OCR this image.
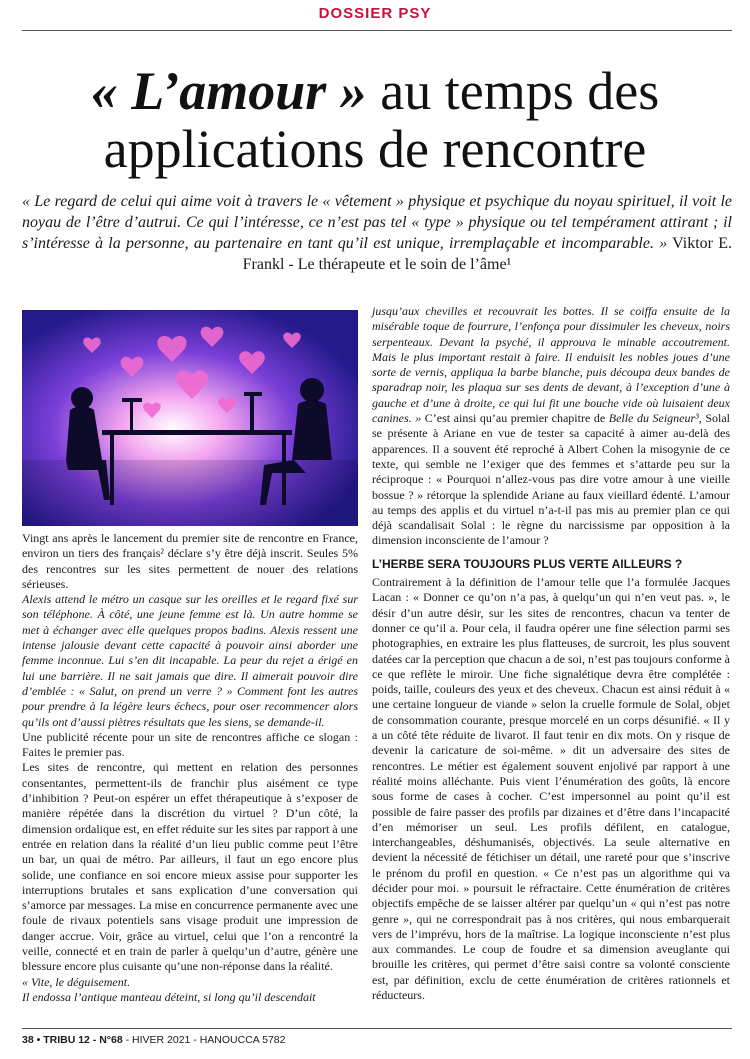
DOSSIER PSY
« L’amour » au temps des applications de rencontre
« Le regard de celui qui aime voit à travers le « vêtement » physique et psychique du noyau spirituel, il voit le noyau de l’être d’autrui. Ce qui l’intéresse, ce n’est pas tel « type » physique ou tel tempérament attirant ; il s’intéresse à la personne, au partenaire en tant qu’il est unique, irremplaçable et incomparable. » Viktor E. Frankl - Le thérapeute et le soin de l’âme¹

Vingt ans après le lancement du premier site de rencontre en France, environ un tiers des français² déclare s’y être déjà inscrit. Seules 5% des rencontres sur les sites permettent de nouer des relations sérieuses.

Alexis attend le métro un casque sur les oreilles et le regard fixé sur son téléphone. À côté, une jeune femme est là. Un autre homme se met à échanger avec elle quelques propos badins. Alexis ressent une intense jalousie devant cette capacité à pouvoir ainsi aborder une femme inconnue. Lui s’en dit incapable. La peur du rejet a érigé en lui une barrière. Il ne sait jamais que dire. Il aimerait pouvoir dire d’emblée : « Salut, on prend un verre ? » Comment font les autres pour prendre à la légère leurs échecs, pour oser recommencer alors qu’ils ont d’aussi piètres résultats que les siens, se demande-il.

Une publicité récente pour un site de rencontres affiche ce slogan : Faites le premier pas.

Les sites de rencontre, qui mettent en relation des personnes consentantes, permettent-ils de franchir plus aisément ce type d’inhibition ? Peut-on espérer un effet thérapeutique à s’exposer de manière répétée dans la discrétion du virtuel ? D’un côté, la dimension ordalique est, en effet réduite sur les sites par rapport à une entrée en relation dans la réalité d’un lieu public comme peut l’être un bar, un quai de métro. Par ailleurs, il faut un ego encore plus solide, une confiance en soi encore mieux assise pour supporter les interruptions brutales et sans explication d’une conversation qui s’amorce par messages. La mise en concurrence permanente avec une foule de rivaux potentiels sans visage produit une impression de danger accrue. Voir, grâce au virtuel, celui que l’on a rencontré la veille, connecté et en train de parler à quelqu’un d’autre, génère une blessure encore plus cuisante qu’une non-réponse dans la réalité.

« Vite, le déguisement.

Il endossa l’antique manteau déteint, si long qu’il descendait

jusqu’aux chevilles et recouvrait les bottes. Il se coiffa ensuite de la misérable toque de fourrure, l’enfonça pour dissimuler les cheveux, noirs serpenteaux. Devant la psyché, il approuva le minable accoutrement. Mais le plus important restait à faire. Il enduisit les nobles joues d’une sorte de vernis, appliqua la barbe blanche, puis découpa deux bandes de sparadrap noir, les plaqua sur ses dents de devant, à l’exception d’une à gauche et d’une à droite, ce qui lui fit une bouche vide où luisaient deux canines. » C’est ainsi qu’au premier chapitre de Belle du Seigneur³, Solal se présente à Ariane en vue de tester sa capacité à aimer au-delà des apparences. Il a souvent été reproché à Albert Cohen la misogynie de ce texte, qui semble ne l’exiger que des femmes et s’attarde peu sur la réciproque : « Pourquoi n’allez-vous pas dire votre amour à une vieille bossue ? » rétorque la splendide Ariane au faux vieillard édenté. L’amour au temps des applis et du virtuel n’a-t-il pas mis au premier plan ce qui déjà scandalisait Solal : le règne du narcissisme par opposition à la dimension inconsciente de l’amour ?

L’HERBE SERA TOUJOURS PLUS VERTE AILLEURS ?

Contrairement à la définition de l’amour telle que l’a formulée Jacques Lacan : « Donner ce qu’on n’a pas, à quelqu’un qui n’en veut pas. », le désir d’un autre désir, sur les sites de rencontres, chacun va tenter de donner ce qu’il a. Pour cela, il faudra opérer une fine sélection parmi ses photographies, en extraire les plus flatteuses, de surcroit, les plus souvent datées car la perception que chacun a de soi, n’est pas toujours conforme à ce que reflète le miroir. Une fiche signalétique devra être complétée : poids, taille, couleurs des yeux et des cheveux. Chacun est ainsi réduit à « une certaine longueur de viande » selon la cruelle formule de Solal, objet de consommation courante, presque morcelé en un corps désunifié. « Il y a un côté tête réduite de livarot. Il faut tenir en dix mots. On y risque de devenir la caricature de soi-même. » dit un adversaire des sites de rencontres. Le métier est également souvent enjolivé par rapport à une réalité moins alléchante. Puis vient l’énumération des goûts, là encore sous forme de cases à cocher. C’est impersonnel au point qu’il est possible de faire passer des profils par dizaines et d’être dans l’incapacité d’en mémoriser un seul. Les profils défilent, en catalogue, interchangeables, déshumanisés, objectivés. La seule alternative en devient la nécessité de fétichiser un détail, une rareté pour que s’inscrive le prénom du profil en question. « Ce n’est pas un algorithme qui va décider pour moi. » poursuit le réfractaire. Cette énumération de critères objectifs empêche de se laisser altérer par quelqu’un « qui n’est pas notre genre », qui ne correspondrait pas à nos critères, qui nous embarquerait vers de l’imprévu, hors de la maîtrise. La logique inconsciente n’est plus aux commandes. Le coup de foudre et sa dimension aveuglante qui brouille les critères, qui permet d’être saisi contre sa volonté consciente est, par définition, exclu de cette énumération de critères rationnels et réducteurs.

38 • TRIBU 12 - N°68 - HIVER 2021 - HANOUCCA 5782
